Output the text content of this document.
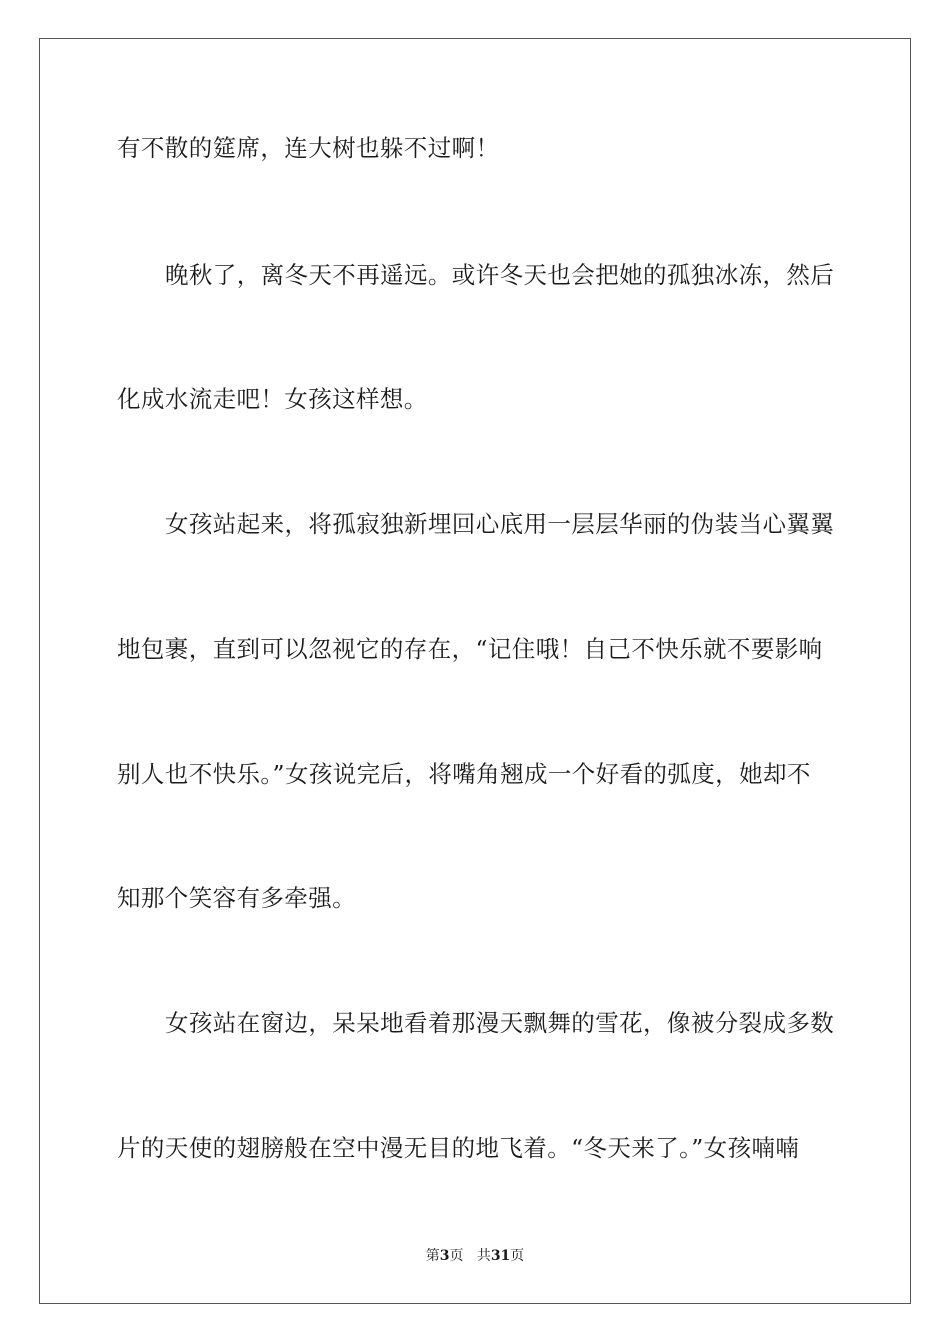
有不散的筵席，连大树也躲不过啊！
晚秋了，离冬天不再遥远。或许冬天也会把她的孤独冰冻，然后
化成水流走吧！女孩这样想。
女孩站起来，将孤寂独新埋回心底用一层层华丽的伪装当心翼翼
地包裹，直到可以忽视它的存在，“记住哦！自己不快乐就不要影响
别人也不快乐。”女孩说完后，将嘴角翘成一个好看的弧度，她却不
知那个笑容有多牵强。
女孩站在窗边，呆呆地看着那漫天飘舞的雪花，像被分裂成多数
片的天使的翅膀般在空中漫无目的地飞着。“冬天来了。”女孩喃喃
第3页 共31页
